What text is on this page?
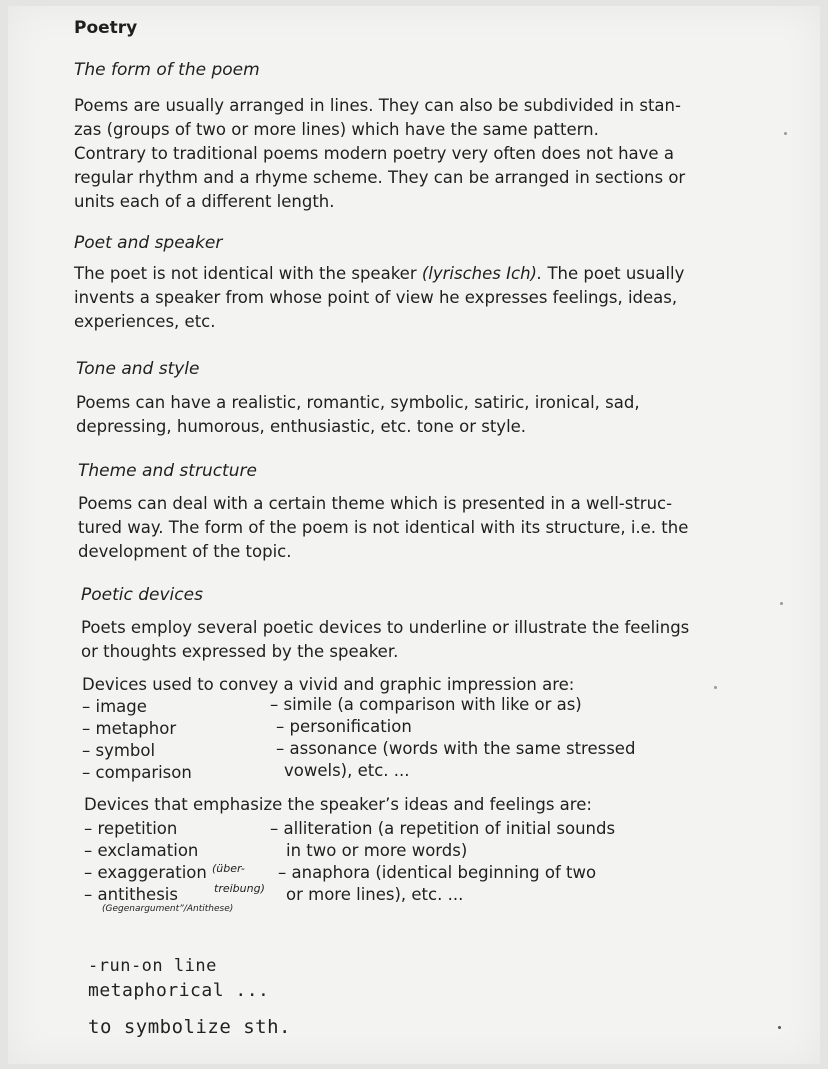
Poetry
The form of the poem
Poems are usually arranged in lines. They can also be subdivided in stan-
zas (groups of two or more lines) which have the same pattern.
Contrary to traditional poems modern poetry very often does not have a
regular rhythm and a rhyme scheme. They can be arranged in sections or
units each of a different length.
Poet and speaker
The poet is not identical with the speaker (lyrisches Ich). The poet usually
invents a speaker from whose point of view he expresses feelings, ideas,
experiences, etc.
Tone and style
Poems can have a realistic, romantic, symbolic, satiric, ironical, sad,
depressing, humorous, enthusiastic, etc. tone or style.
Theme and structure
Poems can deal with a certain theme which is presented in a well-struc-
tured way. The form of the poem is not identical with its structure, i.e. the
development of the topic.
Poetic devices
Poets employ several poetic devices to underline or illustrate the feelings
or thoughts expressed by the speaker.
Devices used to convey a vivid and graphic impression are:
– image
– metaphor
– symbol
– comparison
– simile (a comparison with like or as)
– personification
– assonance (words with the same stressed
vowels), etc. ...
Devices that emphasize the speaker’s ideas and feelings are:
– repetition
– exclamation
– exaggeration
– antithesis
– alliteration (a repetition of initial sounds
in two or more words)
– anaphora (identical beginning of two
or more lines), etc. ...
(über-
treibung)
(Gegenargument”/Antithese)
-run-on line
metaphorical ...
to symbolize sth.
